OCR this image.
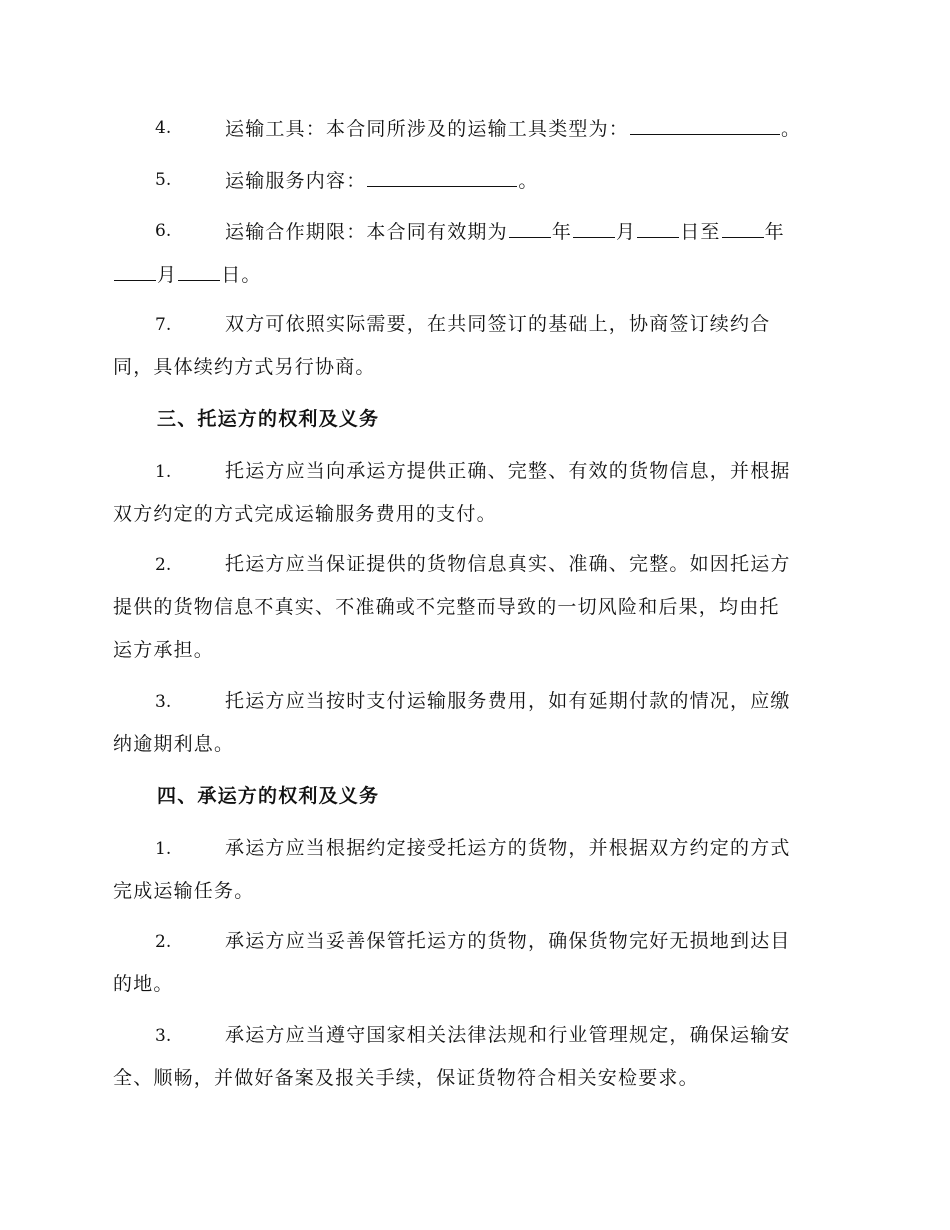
4.	运输工具：本合同所涉及的运输工具类型为：	。
5.	运输服务内容：	。
6.	运输合作期限：本合同有效期为 年 月 日至 年
月 日。
7.	双方可依照实际需要，在共同签订的基础上，协商签订续约合
同，具体续约方式另行协商。
三、托运方的权利及义务
1.	托运方应当向承运方提供正确、完整、有效的货物信息，并根据
双方约定的方式完成运输服务费用的支付。
2.	托运方应当保证提供的货物信息真实、准确、完整。如因托运方
提供的货物信息不真实、不准确或不完整而导致的一切风险和后果，均由托
运方承担。
3.	托运方应当按时支付运输服务费用，如有延期付款的情况，应缴
纳逾期利息。
四、承运方的权利及义务
1.	承运方应当根据约定接受托运方的货物，并根据双方约定的方式
完成运输任务。
2.	承运方应当妥善保管托运方的货物，确保货物完好无损地到达目
的地。
3.	承运方应当遵守国家相关法律法规和行业管理规定，确保运输安
全、顺畅，并做好备案及报关手续，保证货物符合相关安检要求。
